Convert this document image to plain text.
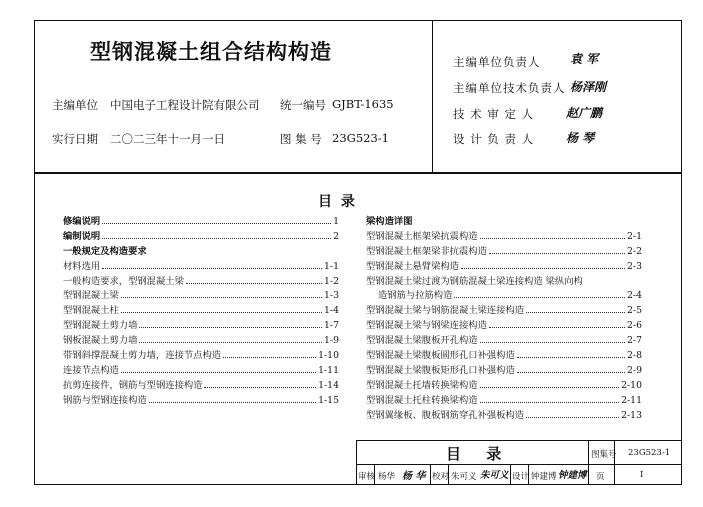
型钢混凝土组合结构构造
主编单位 中国电子工程设计院有限公司 统一编号 GJBT-1635
实行日期 二〇二三年十一月一日	图 集 号 23G523-1
主编单位负责人 袁 军
主编单位技术负责人 杨泽刚
技 术 审 定 人	赵广鹏
设 计 负 责 人	杨 琴
目 录
修编说明	1
编制说明	2
一般规定及构造要求
材料选用	1-1
一般构造要求，型钢混凝土梁	1-2
型钢混凝土梁	1-3
型钢混凝土柱	1-4
型钢混凝土剪力墙	1-7
钢板混凝土剪力墙	1-9
带钢斜撑混凝土剪力墙，连接节点构造	1-10
连接节点构造	1-11
抗剪连接件，钢筋与型钢连接构造	1-14
钢筋与型钢连接构造	1-15
梁构造详图
型钢混凝土框架梁抗震构造	2-1
型钢混凝土框架梁非抗震构造	2-2
型钢混凝土悬臂梁构造	2-3
型钢混凝土梁过渡为钢筋混凝土梁连接构造 梁纵向构
造钢筋与拉筋构造	2-4
型钢混凝土梁与钢筋混凝土梁连接构造	2-5
型钢混凝土梁与钢梁连接构造	2-6
型钢混凝土梁腹板开孔构造	2-7
型钢混凝土梁腹板圆形孔口补强构造	2-8
型钢混凝土梁腹板矩形孔口补强构造	2-9
型钢混凝土托墙转换梁构造	2-10
型钢混凝土托柱转换梁构造	2-11
型钢翼缘板、腹板钢筋穿孔补强板构造	2-13
目 录	图集号 23G523-1
审核 杨华 杨 华 校对 朱可义 朱可义 设计 钟建博 钟建博 页	I
